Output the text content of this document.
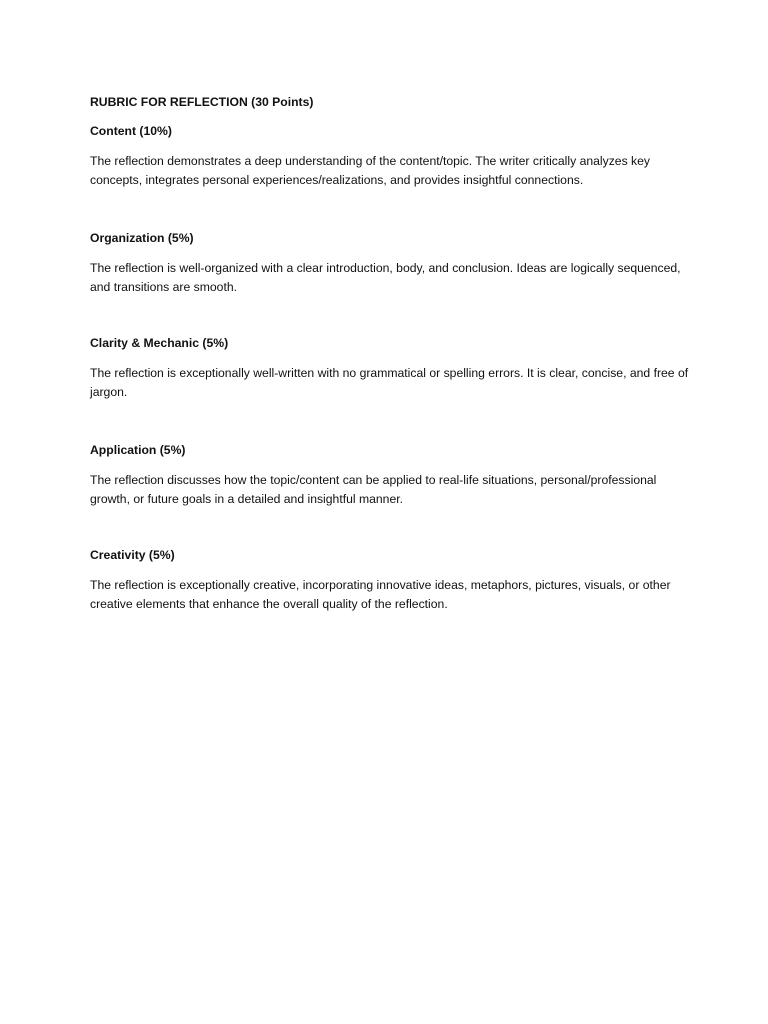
RUBRIC FOR REFLECTION (30 Points)

Content (10%)

The reflection demonstrates a deep understanding of the content/topic. The writer critically analyzes key concepts, integrates personal experiences/realizations, and provides insightful connections.

Organization (5%)

The reflection is well-organized with a clear introduction, body, and conclusion. Ideas are logically sequenced, and transitions are smooth.

Clarity & Mechanic (5%)

The reflection is exceptionally well-written with no grammatical or spelling errors. It is clear, concise, and free of jargon.

Application (5%)

The reflection discusses how the topic/content can be applied to real-life situations, personal/professional growth, or future goals in a detailed and insightful manner.

Creativity (5%)

The reflection is exceptionally creative, incorporating innovative ideas, metaphors, pictures, visuals, or other creative elements that enhance the overall quality of the reflection.
